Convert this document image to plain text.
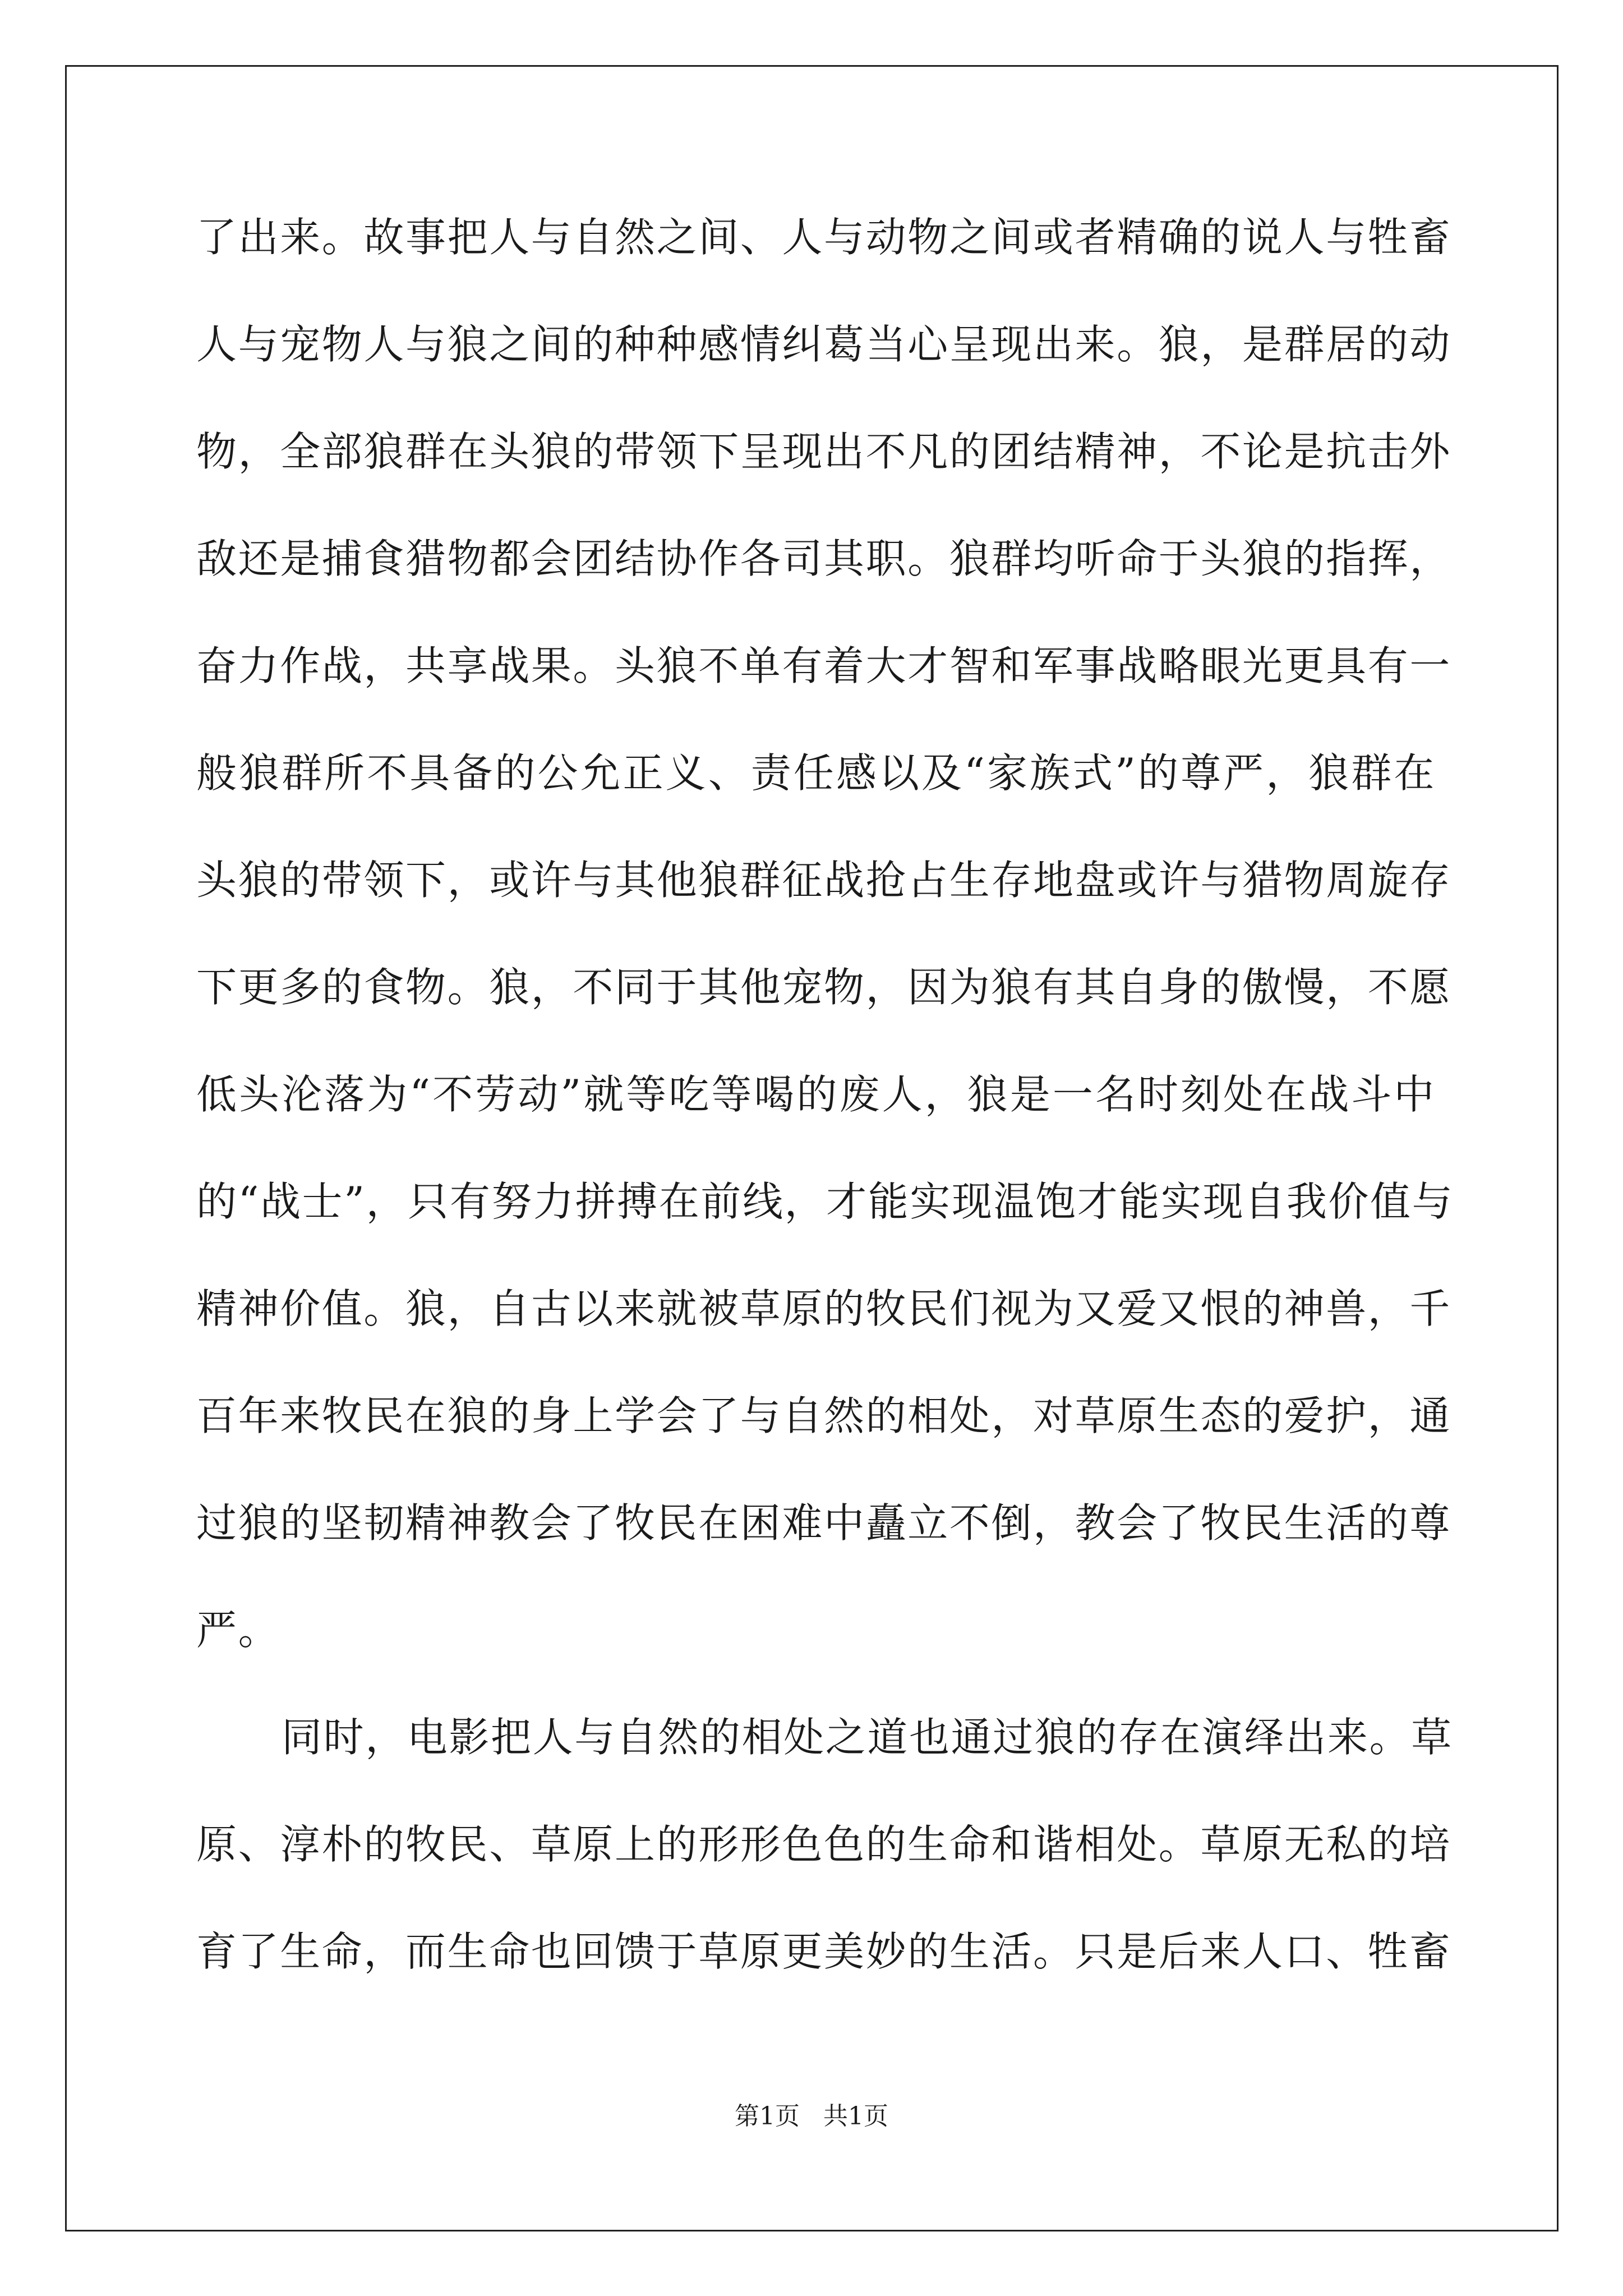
了出来。故事把人与自然之间、人与动物之间或者精确的说人与牲畜
人与宠物人与狼之间的种种感情纠葛当心呈现出来。狼，是群居的动
物，全部狼群在头狼的带领下呈现出不凡的团结精神，不论是抗击外
敌还是捕食猎物都会团结协作各司其职。狼群均听命于头狼的指挥，
奋力作战，共享战果。头狼不单有着大才智和军事战略眼光更具有一
般狼群所不具备的公允正义、责任感以及“家族式”的尊严，狼群在
头狼的带领下，或许与其他狼群征战抢占生存地盘或许与猎物周旋存
下更多的食物。狼，不同于其他宠物，因为狼有其自身的傲慢，不愿
低头沦落为“不劳动”就等吃等喝的废人，狼是一名时刻处在战斗中
的“战士”，只有努力拼搏在前线，才能实现温饱才能实现自我价值与
精神价值。狼，自古以来就被草原的牧民们视为又爱又恨的神兽，千
百年来牧民在狼的身上学会了与自然的相处，对草原生态的爱护，通
过狼的坚韧精神教会了牧民在困难中矗立不倒，教会了牧民生活的尊
严。
同时，电影把人与自然的相处之道也通过狼的存在演绎出来。草
原、淳朴的牧民、草原上的形形色色的生命和谐相处。草原无私的培
育了生命，而生命也回馈于草原更美妙的生活。只是后来人口、牲畜
第1页   共1页
